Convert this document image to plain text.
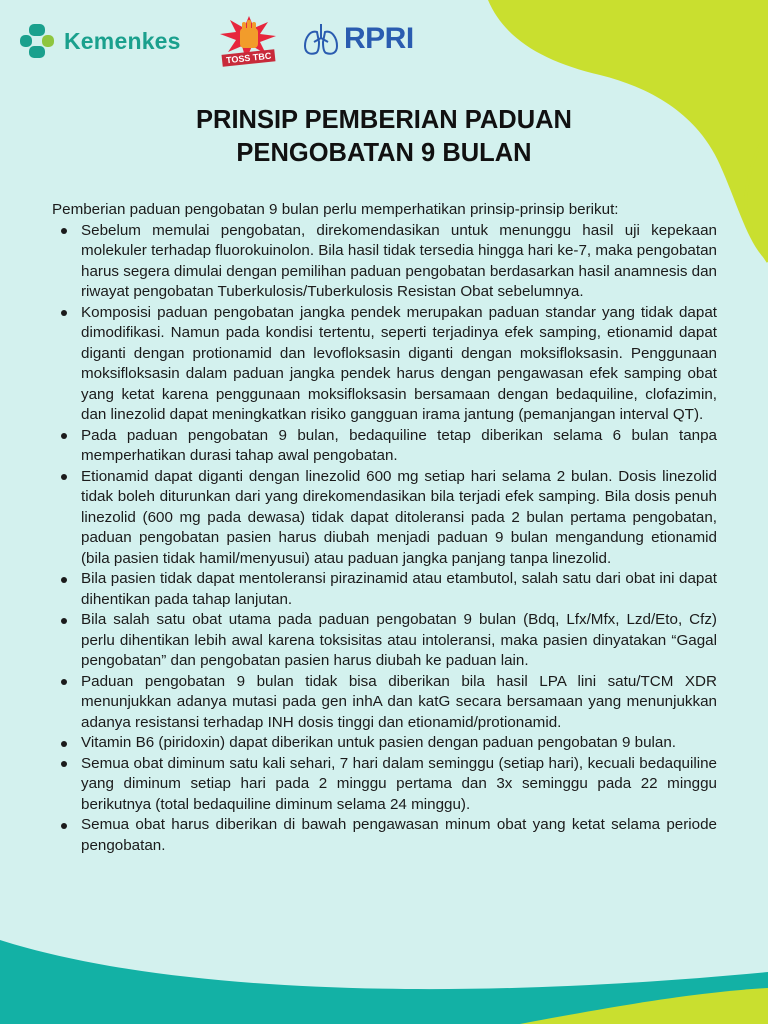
Kemenkes
TOSS TBC
RPRI
PRINSIP PEMBERIAN PADUAN
PENGOBATAN 9 BULAN

Pemberian paduan pengobatan 9 bulan perlu memperhatikan prinsip-prinsip berikut:

Sebelum memulai pengobatan, direkomendasikan untuk menunggu hasil uji kepekaan molekuler terhadap fluorokuinolon. Bila hasil tidak tersedia hingga hari ke-7, maka pengobatan harus segera dimulai dengan pemilihan paduan pengobatan berdasarkan hasil anamnesis dan riwayat pengobatan Tuberkulosis/Tuberkulosis Resistan Obat sebelumnya.
Komposisi paduan pengobatan jangka pendek merupakan paduan standar yang tidak dapat dimodifikasi. Namun pada kondisi tertentu, seperti terjadinya efek samping, etionamid dapat diganti dengan protionamid dan levofloksasin diganti dengan moksifloksasin. Penggunaan moksifloksasin dalam paduan jangka pendek harus dengan pengawasan efek samping obat yang ketat karena penggunaan moksifloksasin bersamaan dengan bedaquiline, clofazimin, dan linezolid dapat meningkatkan risiko gangguan irama jantung (pemanjangan interval QT).
Pada paduan pengobatan 9 bulan, bedaquiline tetap diberikan selama 6 bulan tanpa memperhatikan durasi tahap awal pengobatan.
Etionamid dapat diganti dengan linezolid 600 mg setiap hari selama 2 bulan. Dosis linezolid tidak boleh diturunkan dari yang direkomendasikan bila terjadi efek samping. Bila dosis penuh linezolid (600 mg pada dewasa) tidak dapat ditoleransi pada 2 bulan pertama pengobatan, paduan pengobatan pasien harus diubah menjadi paduan 9 bulan mengandung etionamid (bila pasien tidak hamil/menyusui) atau paduan jangka panjang tanpa linezolid.
Bila pasien tidak dapat mentoleransi pirazinamid atau etambutol, salah satu dari obat ini dapat dihentikan pada tahap lanjutan.
Bila salah satu obat utama pada paduan pengobatan 9 bulan (Bdq, Lfx/Mfx, Lzd/Eto, Cfz) perlu dihentikan lebih awal karena toksisitas atau intoleransi, maka pasien dinyatakan “Gagal pengobatan” dan pengobatan pasien harus diubah ke paduan lain.
Paduan pengobatan 9 bulan tidak bisa diberikan bila hasil LPA lini satu/TCM XDR menunjukkan adanya mutasi pada gen inhA dan katG secara bersamaan yang menunjukkan adanya resistansi terhadap INH dosis tinggi dan etionamid/protionamid.
Vitamin B6 (piridoxin) dapat diberikan untuk pasien dengan paduan pengobatan 9 bulan.
Semua obat diminum satu kali sehari, 7 hari dalam seminggu (setiap hari), kecuali bedaquiline yang diminum setiap hari pada 2 minggu pertama dan 3x seminggu pada 22 minggu berikutnya (total bedaquiline diminum selama 24 minggu).
Semua obat harus diberikan di bawah pengawasan minum obat yang ketat selama periode pengobatan.
